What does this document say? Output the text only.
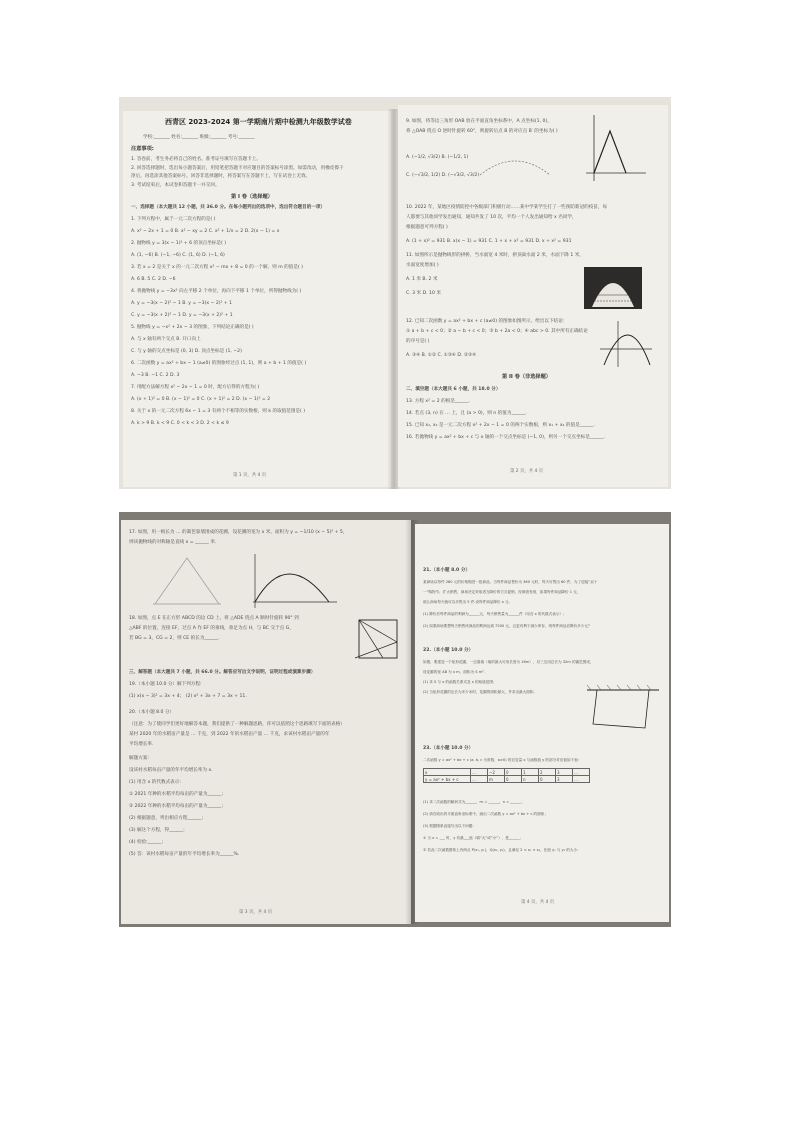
西青区 2023-2024 第一学期南片期中检测九年级数学试卷
学校:_______ 姓名:_______ 班级:_______ 考号:_______
注意事项:
1. 答卷前，考生务必将自己的姓名、准考证号填写在答题卡上。
2. 回答选择题时，选出每小题答案后，用铅笔把答题卡对应题目的答案标号涂黑。如需改动，用橡皮擦干
净后，再选涂其他答案标号。回答非选择题时，将答案写在答题卡上，写在试卷上无效。
3. 考试结束后，本试卷和答题卡一并交回。
第 I 卷（选择题）
一、选择题（本大题共 12 小题，共 36.0 分。在每小题列出的选项中，选出符合题目的一项）
1. 下列方程中，属于一元二次方程的是( )
A. x² − 2x + 1 = 0 B. x² − xy = 2 C. x² + 1/x = 2 D. 2(x − 1) = x
2. 抛物线 y = 3(x − 1)² + 6 的顶点坐标是( )
A. (1, −6) B. (−1, −6) C. (1, 6) D. (−1, 6)
3. 若 x = 2 是关于 x 的一元二次方程 x² − mx + 8 = 0 的一个解，则 m 的值是( )
A. 6 B. 5 C. 2 D. −6
4. 将抛物线 y = −3x² 向左平移 2 个单位，再向下平移 1 个单位，所得抛物线为( )
A. y = −3(x − 2)² − 1 B. y = −3(x − 2)² + 1
C. y = −3(x + 2)² − 1 D. y = −3(x + 2)² + 1
5. 抛物线 y = −x² + 2x − 3 的图象，下列结论正确的是( )
A. 与 x 轴有两个交点 B. 开口向上
C. 与 y 轴的交点坐标是 (0, 3) D. 顶点坐标是 (1, −2)
6. 二次函数 y = ax² + bx − 1 (a≠0) 的图象经过点 (1, 1)，则 a + b + 1 的值是( )
A. −3 B. −1 C. 2 D. 3
7. 用配方法解方程 x² − 2x − 1 = 0 时，配方后得的方程为( )
A. (x + 1)² = 0 B. (x − 1)² = 0 C. (x + 1)² = 2 D. (x − 1)² = 2
8. 关于 x 的一元二次方程 6x − 1 = 3 有两个不相等的实数根，则 k 的取值范围是( )
A. k > 9 B. k < 9 C. 0 < k < 3 D. 2 < k ≤ 9
第 1 页，共 4 页
9. 如图，将等边三角形 OAB 放在平面直角坐标系中，A 点坐标(1, 0)，
将 △OAB 绕点 O 逆时针旋转 60°，则旋转后点 B 的对应点 B′ 的坐标为( )
A. (−1/2, √3/2) B. (−1/2, 1)
C. (−√3/2, 1/2) D. (−√3/2, √3/2)
10. 2022 年，某地区疫情防控中各级部门积极行动……某中学某学生打了一些预防新冠的疫苗，每
人都要与其他同学发出通知，通知共发了 10 次，平均一个人发出通知给 x 名同学，
根据题意可列方程( )
A. (1 + x)² = 931 B. x(x − 1) = 931 C. 1 + x + x² = 931 D. x + x² = 931
11. 如图所示是抛物线形的拱桥，当水面宽 4 米时，拱顶离水面 2 米，水面下降 1 米，
水面宽度增加( )
A. 1 米 B. 2 米
C. 3 米 D. 10 米
12. 已知二次函数 y = ax² + bx + c (a≠0) 的图象如图所示，给出以下结论:
① a + b + c < 0；② a − b + c < 0；③ b + 2a < 0；④ abc > 0. 其中所有正确结论
的序号是( )
A. ③④ B. ①② C. ①③④ D. ②③④
第 II 卷（非选择题）
二、填空题（本大题共 6 小题，共 18.0 分）
13. 方程 x² = 2 的根是______.
14. 若点 (3, n) 在 … 上，且 (a > 0)，则 n 的值为______.
15. 已知 x₁, x₂ 是一元二次方程 x² + 2x − 1 = 0 的两个实数根，则 x₁ + x₂ 的值是______.
16. 若抛物线 y = ax² + bx + c 与 x 轴的一个交点坐标是 (−1, 0)，则另一个交点坐标是______.
第 2 页，共 4 页
17. 如图，用一根长为 … 的篱笆靠墙围成的花圃，设花圃的宽为 x 米，面积为 y = −1/10 (x − 5)² + 5，
则该抛物线的对称轴是直线 x = ______ 米.
18. 如图，点 E 在正方形 ABCD 的边 CD 上，将 △ADE 绕点 A 顺时针旋转 90° 到
△ABF 的位置，连接 EF，过点 A 作 EF 的垂线，垂足为点 H，与 BC 交于点 G，
若 BG = 3，CG = 2，则 CE 的长为______.
三、解答题（本大题共 7 小题，共 66.0 分。解答应写出文字说明，证明过程或演算步骤）
19.（本小题 10.0 分）解下列方程:
(1) x(x − 3)² = 3x + 4； (2) x² + 3x + 7 = 3x + 11.
20.（本小题 8.0 分）
（注意：为了使同学们更好地解答本题，我们提供了一种解题思路，你可以依照这个思路填写下面的表格）
某村 2020 年的水稻亩产量是 … 千克，到 2022 年的水稻亩产量 … 千克，求该村水稻亩产量的年
平均增长率.
解题方案:
设该村水稻每亩产量的年平均增长率为 x.
(1) 用含 x 的代数式表示:
① 2021 年种的水稻平均每亩的产量为______；
② 2022 年种的水稻平均每亩的产量为______；
(2) 根据题意，列出相应方程______；
(3) 解这个方程，得______；
(4) 检验:______；
(5) 答：该村水稻每亩产量的年平均增长率为______%.
第 3 页，共 4 页
21.（本小题 8.0 分）
某商场以每件 280 元的价格购进一批商品，当每件商品售价为 360 元时，每天可售出 60 件，为了迎接“双十
一”购物节，扩大销售，商场决定采取适当降价的方式促销，经调查发现，如果每件商品降价 1 元，
那么商场每天就可以多售出 5 件.设每件商品降价 x 元.
(1) 降价后每件商品的利润为______元，每天销售量为______件（用含 x 的代数式表示）；
(2) 如果商场要想每天销售该商品的利润达到 7200 元，且更有利于减少库存，则每件商品应降价多少元？
22.（本小题 10.0 分）
如图，要建造一个矩形花圃，一边靠墙（墙的最大可用长度为 16m），另三边用总长为 32m 的篱笆围成，
设花圃的宽 AB 为 x m，面积为 S m².
(1) 求 S 与 x 的函数关系式及 x 的取值范围；
(2) 当矩形花圃的边长为多少米时，花圃的面积最大，并求出最大面积.
23.（本小题 10.0 分）
二次函数 y = ax² + bx + c (a, b, c 为常数，a≠0) 的自变量 x 与函数值 y 的部分对应值如下表:
x	…	−2	0	1	2	3	…
y = ax² + bx + c	…	m	0	n	0	3	…
(1) 求二次函数的解析式为______，m = ______，n = ______；
(2) 请在给出的平面直角坐标系中，画出二次函数 y = ax² + bx + c 的图象；
(3) 根据图象直接写出以下问题:
① 当 x = ___ 时，y 有最___值（填“大”或“小”），是______；
② 若此二次函数图象上有两点 P(x₁, y₁)，Q(x₂, y₂)，且满足 2 < x₁ < x₂，比较 y₁ 与 y₂ 的大小.
第 4 页，共 4 页
